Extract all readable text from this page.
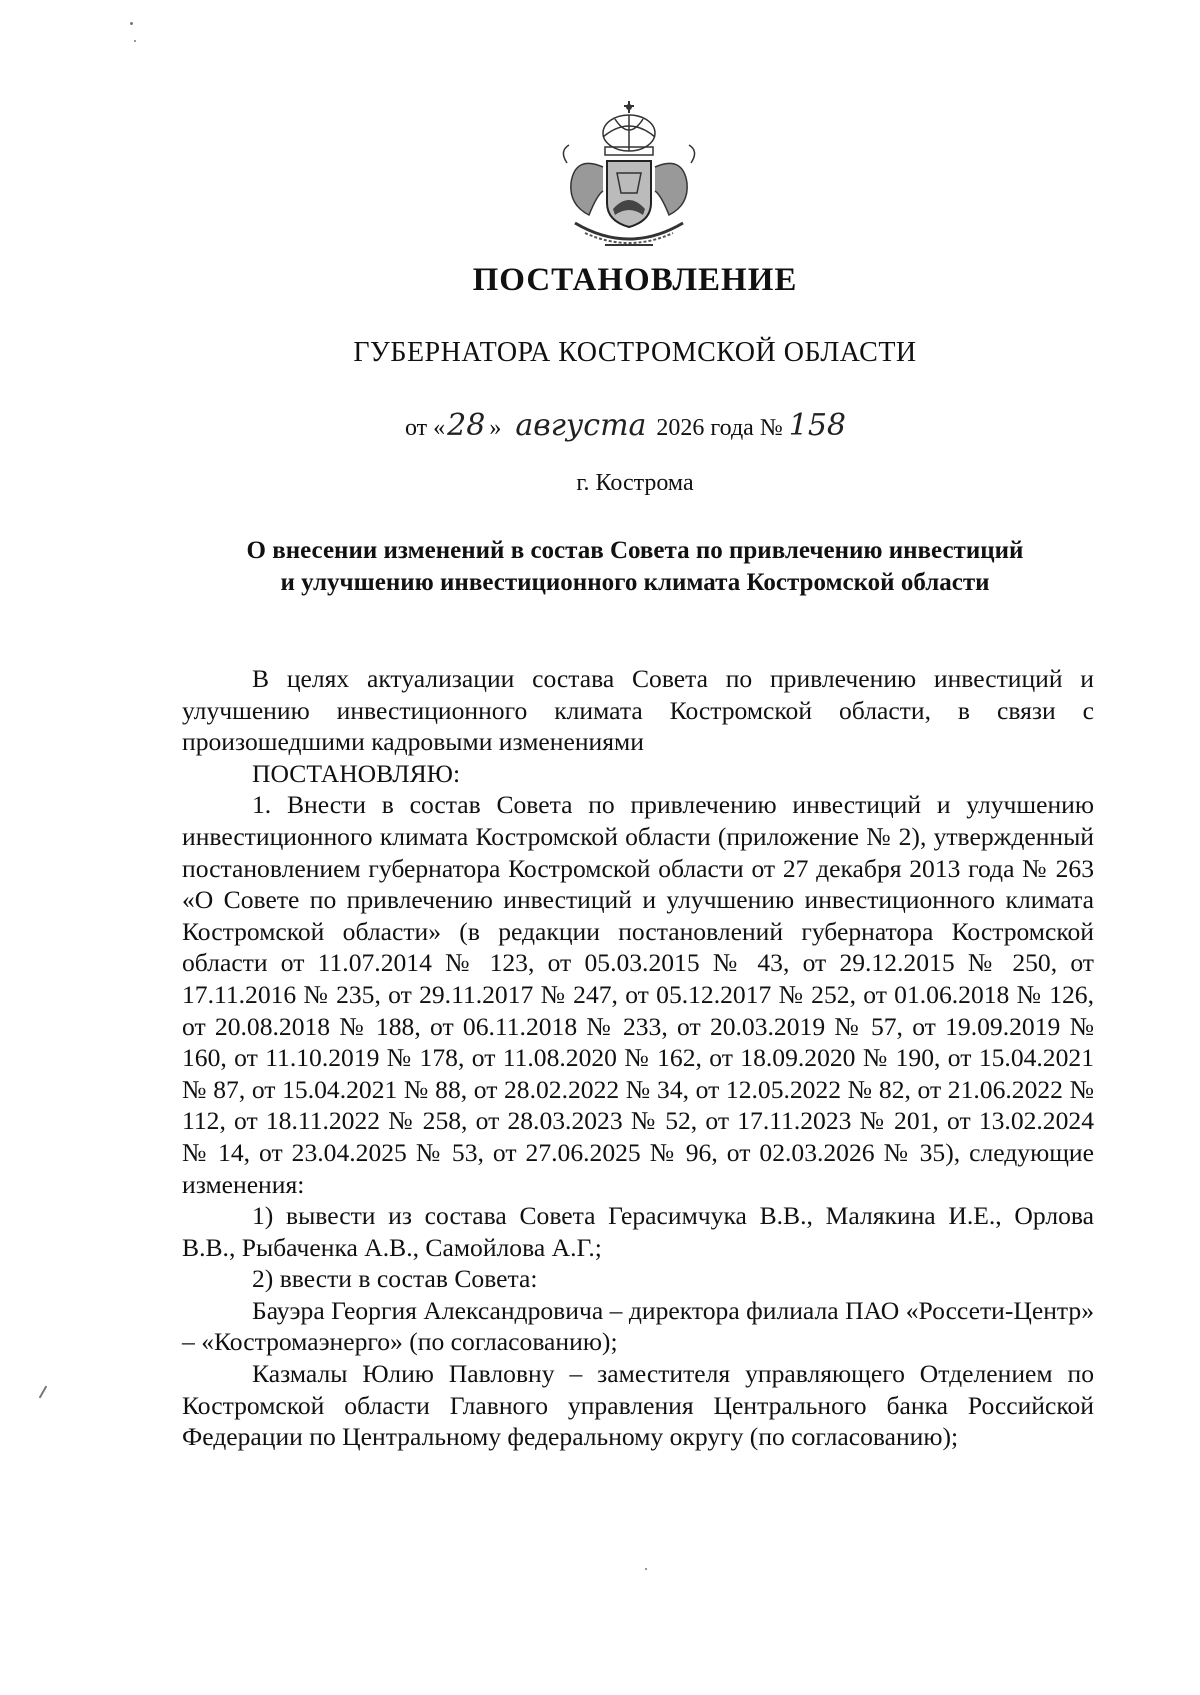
ПОСТАНОВЛЕНИЕ
ГУБЕРНАТОРА КОСТРОМСКОЙ ОБЛАСТИ
от «28 » августа 2026 года № 158
г. Кострома
О внесении изменений в состав Совета по привлечению инвестиций
и улучшению инвестиционного климата Костромской области

В целях актуализации состава Совета по привлечению инвестиций и улучшению инвестиционного климата Костромской области, в связи с произошедшими кадровыми изменениями

ПОСТАНОВЛЯЮ:

1. Внести в состав Совета по привлечению инвестиций и улучшению инвестиционного климата Костромской области (приложение № 2), утвержденный постановлением губернатора Костромской области от 27 декабря 2013 года № 263 «О Совете по привлечению инвестиций и улучшению инвестиционного климата Костромской области» (в редакции постановлений губернатора Костромской области от 11.07.2014 № 123, от 05.03.2015 № 43, от 29.12.2015 № 250, от 17.11.2016 № 235, от 29.11.2017 № 247, от 05.12.2017 № 252, от 01.06.2018 № 126, от 20.08.2018 № 188, от 06.11.2018 № 233, от 20.03.2019 № 57, от 19.09.2019 № 160, от 11.10.2019 № 178, от 11.08.2020 № 162, от 18.09.2020 № 190, от 15.04.2021 № 87, от 15.04.2021 № 88, от 28.02.2022 № 34, от 12.05.2022 № 82, от 21.06.2022 № 112, от 18.11.2022 № 258, от 28.03.2023 № 52, от 17.11.2023 № 201, от 13.02.2024 № 14, от 23.04.2025 № 53, от 27.06.2025 № 96, от 02.03.2026 № 35), следующие изменения:

1) вывести из состава Совета Герасимчука В.В., Малякина И.Е., Орлова В.В., Рыбаченка А.В., Самойлова А.Г.;

2) ввести в состав Совета:

Бауэра Георгия Александровича – директора филиала ПАО «Россети-Центр» – «Костромаэнерго» (по согласованию);

Казмалы Юлию Павловну – заместителя управляющего Отделением по Костромской области Главного управления Центрального банка Российской Федерации по Центральному федеральному округу (по согласованию);
